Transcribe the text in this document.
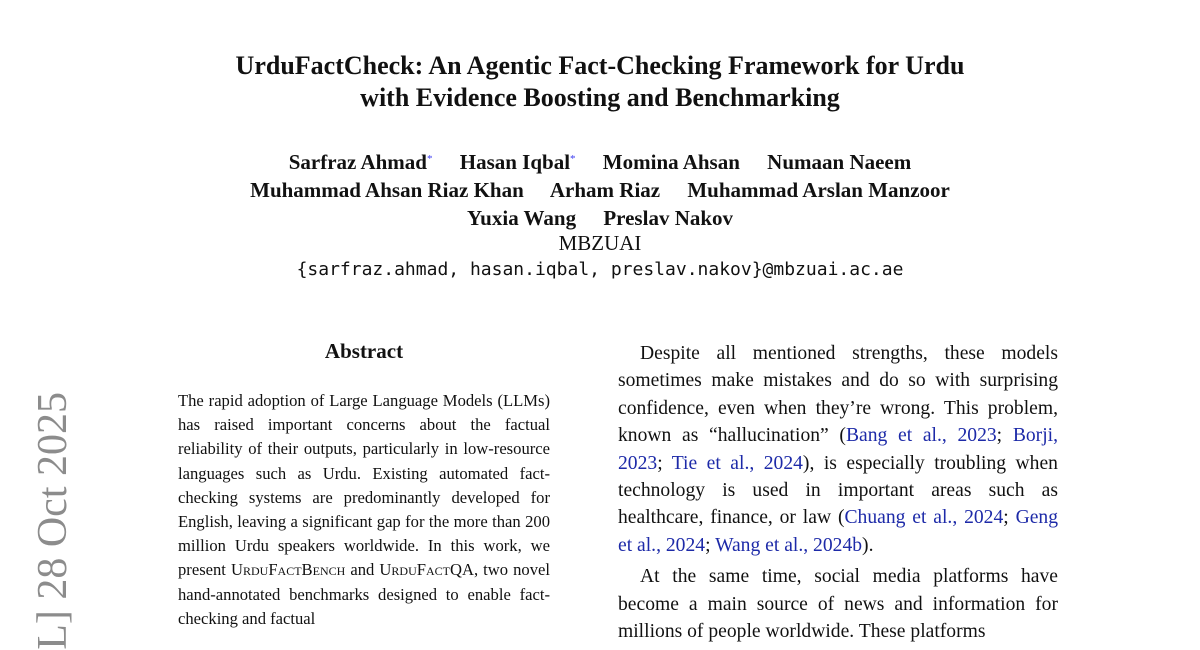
UrduFactCheck: An Agentic Fact-Checking Framework for Urdu
with Evidence Boosting and Benchmarking
Sarfraz Ahmad* Hasan Iqbal* Momina Ahsan Numaan Naeem
Muhammad Ahsan Riaz Khan Arham Riaz Muhammad Arslan Manzoor
Yuxia Wang Preslav Nakov
MBZUAI
{sarfraz.ahmad, hasan.iqbal, preslav.nakov}@mbzuai.ac.ae
L] 28 Oct 2025
Abstract
The rapid adoption of Large Language Models (LLMs) has raised important concerns about the factual reliability of their outputs, particularly in low-resource languages such as Urdu. Existing automated fact-checking systems are predominantly developed for English, leaving a significant gap for the more than 200 million Urdu speakers worldwide. In this work, we present UrduFactBench and UrduFactQA, two novel hand-annotated benchmarks designed to enable fact-checking and factual

Despite all mentioned strengths, these models sometimes make mistakes and do so with surprising confidence, even when they’re wrong. This problem, known as “hallucination” (Bang et al., 2023; Borji, 2023; Tie et al., 2024), is especially troubling when technology is used in important areas such as healthcare, finance, or law (Chuang et al., 2024; Geng et al., 2024; Wang et al., 2024b).

At the same time, social media platforms have become a main source of news and information for millions of people worldwide. These platforms
